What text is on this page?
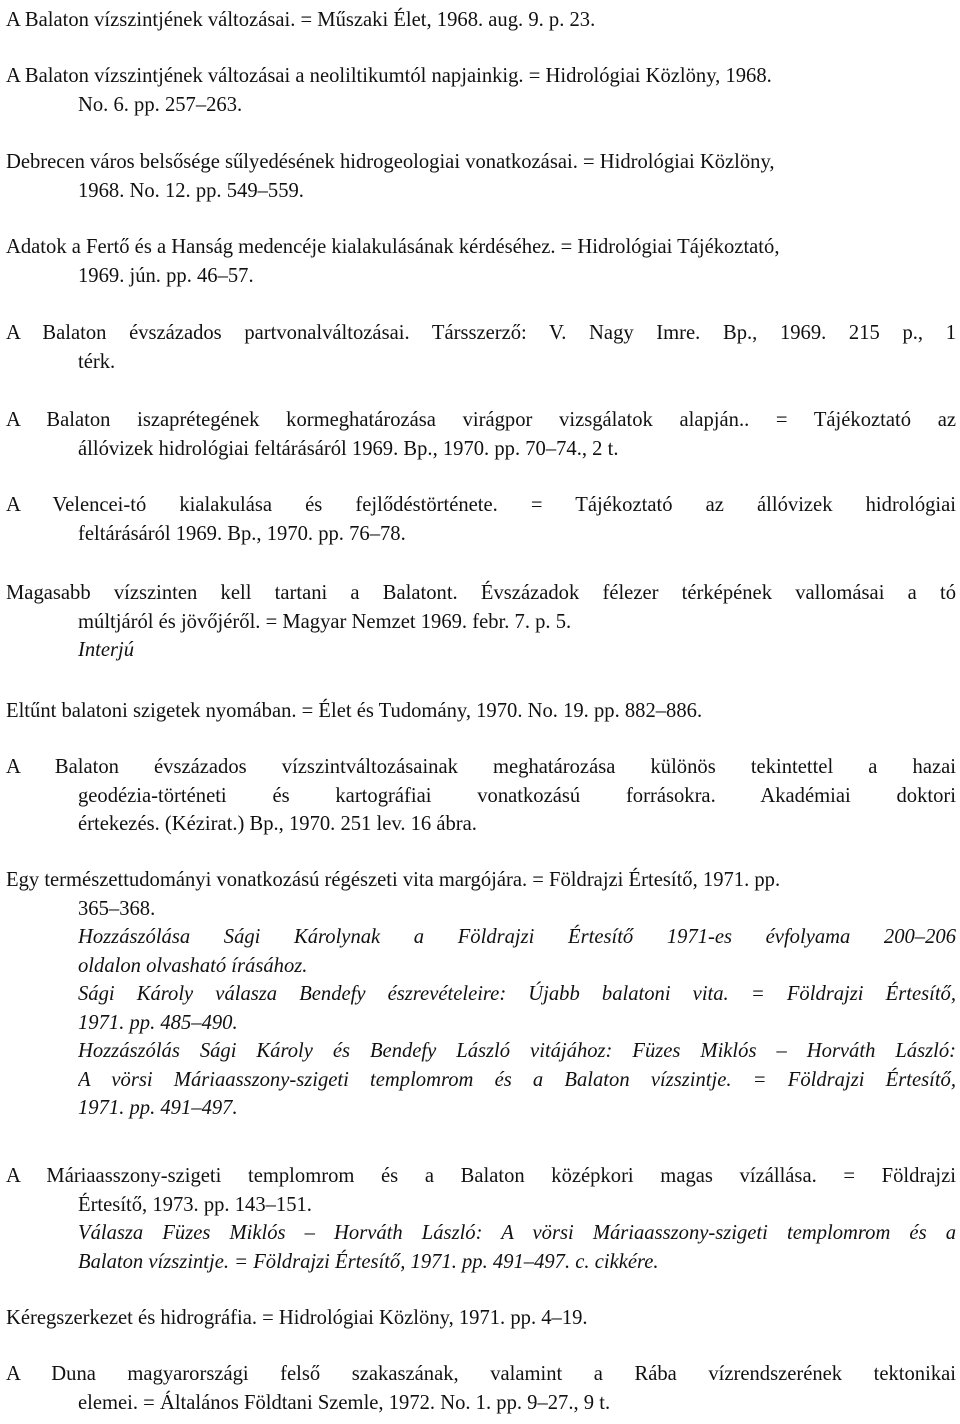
A Balaton vízszintjének változásai. = Műszaki Élet, 1968. aug. 9. p. 23.
A Balaton vízszintjének változásai a neoliltikumtól napjainkig. = Hidrológiai Közlöny, 1968.
No. 6. pp. 257–263.
Debrecen város belsősége sűlyedésének hidrogeologiai vonatkozásai. = Hidrológiai Közlöny,
1968. No. 12. pp. 549–559.
Adatok a Fertő és a Hanság medencéje kialakulásának kérdéséhez. = Hidrológiai Tájékoztató,
1969. jún. pp. 46–57.
A Balaton évszázados partvonalváltozásai. Társszerző: V. Nagy Imre. Bp., 1969. 215 p., 1
térk.
A Balaton iszaprétegének kormeghatározása virágpor vizsgálatok alapján.. = Tájékoztató az
állóvizek hidrológiai feltárásáról 1969. Bp., 1970. pp. 70–74., 2 t.
A Velencei-tó kialakulása és fejlődéstörténete. = Tájékoztató az állóvizek hidrológiai
feltárásáról 1969. Bp., 1970. pp. 76–78.
Magasabb vízszinten kell tartani a Balatont. Évszázadok félezer térképének vallomásai a tó
múltjáról és jövőjéről. = Magyar Nemzet 1969. febr. 7. p. 5.
Interjú
Eltűnt balatoni szigetek nyomában. = Élet és Tudomány, 1970. No. 19. pp. 882–886.
A Balaton évszázados vízszintváltozásainak meghatározása különös tekintettel a hazai
geodézia-történeti és kartográfiai vonatkozású forrásokra. Akadémiai doktori
értekezés. (Kézirat.) Bp., 1970. 251 lev. 16 ábra.
Egy természettudományi vonatkozású régészeti vita margójára. = Földrajzi Értesítő, 1971. pp.
365–368.
Hozzászólása Sági Károlynak a Földrajzi Értesítő 1971-es évfolyama 200–206
oldalon olvasható írásához.
Sági Károly válasza Bendefy észrevételeire: Újabb balatoni vita. = Földrajzi Értesítő,
1971. pp. 485–490.
Hozzászólás Sági Károly és Bendefy László vitájához: Füzes Miklós – Horváth László:
A vörsi Máriaasszony-szigeti templomrom és a Balaton vízszintje. = Földrajzi Értesítő,
1971. pp. 491–497.
A Máriaasszony-szigeti templomrom és a Balaton középkori magas vízállása. = Földrajzi
Értesítő, 1973. pp. 143–151.
Válasza Füzes Miklós – Horváth László: A vörsi Máriaasszony-szigeti templomrom és a
Balaton vízszintje. = Földrajzi Értesítő, 1971. pp. 491–497. c. cikkére.
Kéregszerkezet és hidrográfia. = Hidrológiai Közlöny, 1971. pp. 4–19.
A Duna magyarországi felső szakaszának, valamint a Rába vízrendszerének tektonikai
elemei. = Általános Földtani Szemle, 1972. No. 1. pp. 9–27., 9 t.
